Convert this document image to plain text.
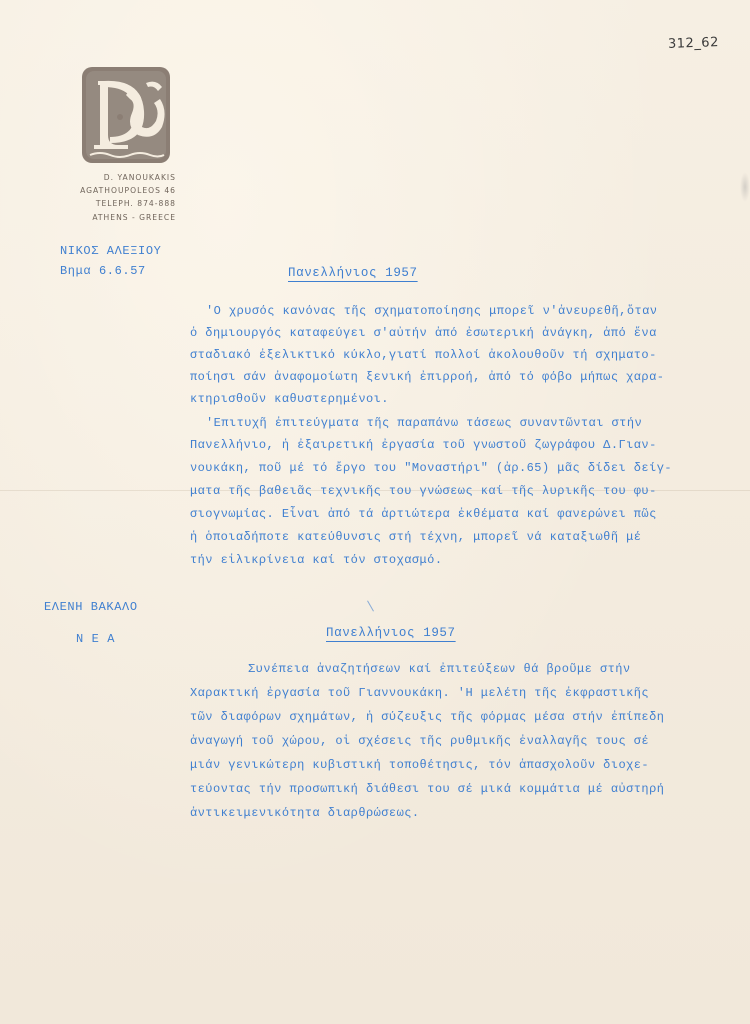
312_62
D. YANOUKAKIS
AGATHOUPOLEOS 46
TELEPH. 874-888
ATHENS - GREECE
ΝΙΚΟΣ ΑΛΕΞΙΟΥ
Βημα 6.6.57	Πανελλήνιος 1957
'Ο χρυσός κανόνας τῆς σχηματοποίησης μπορεῖ ν'ἀνευρεθῆ,ὅταν
ὁ δημιουργός καταφεύγει σ'αὐτήν ἀπό ἐσωτερική ἀνάγκη, ἀπό ἕνα
σταδιακό ἐξελικτικό κύκλο,γιατί πολλοί ἀκολουθοῦν τή σχηματο-
ποίησι σάν ἀναφομοίωτη ξενική ἐπιρροή, ἀπό τό φόβο μήπως χαρα-
κτηρισθοῦν καθυστερημένοι.
'Επιτυχῆ ἐπιτεύγματα τῆς παραπάνω τάσεως συναντῶνται στήν
Πανελλήνιο, ἡ ἐξαιρετική ἐργασία τοῦ γνωστοῦ ζωγράφου Δ.Γιαν-
νουκάκη, ποῦ μέ τό ἔργο του "Μοναστήρι" (ἀρ.65) μᾶς δίδει δείγ-
ματα τῆς βαθειᾶς τεχνικῆς του γνώσεως καί τῆς λυρικῆς του φυ-
σιογνωμίας. Εἶναι ἀπό τά ἀρτιώτερα ἐκθέματα καί φανερώνει πῶς
ἡ ὁποιαδήποτε κατεύθυνσις στή τέχνη, μπορεῖ νά καταξιωθῆ μέ
τήν εἰλικρίνεια καί τόν στοχασμό.
ΕΛΕΝΗ ΒΑΚΑΛΟ
Ν Ε Α	Πανελλήνιος 1957
Συνέπεια ἀναζητήσεων καί ἐπιτεύξεων θά βροῦμε στήν
Χαρακτική ἐργασία τοῦ Γιαννουκάκη. 'Η μελέτη τῆς ἐκφραστικῆς
τῶν διαφόρων σχημάτων, ἡ σύζευξις τῆς φόρμας μέσα στήν ἐπίπεδη
ἀναγωγή τοῦ χώρου, οἱ σχέσεις τῆς ρυθμικῆς ἐναλλαγῆς τους σέ
μιάν γενικώτερη κυβιστική τοποθέτησις, τόν ἀπασχολοῦν διοχε-
τεύοντας τήν προσωπική διάθεσι του σέ μικά κομμάτια μέ αὐστηρή
ἀντικειμενικότητα διαρθρώσεως.
